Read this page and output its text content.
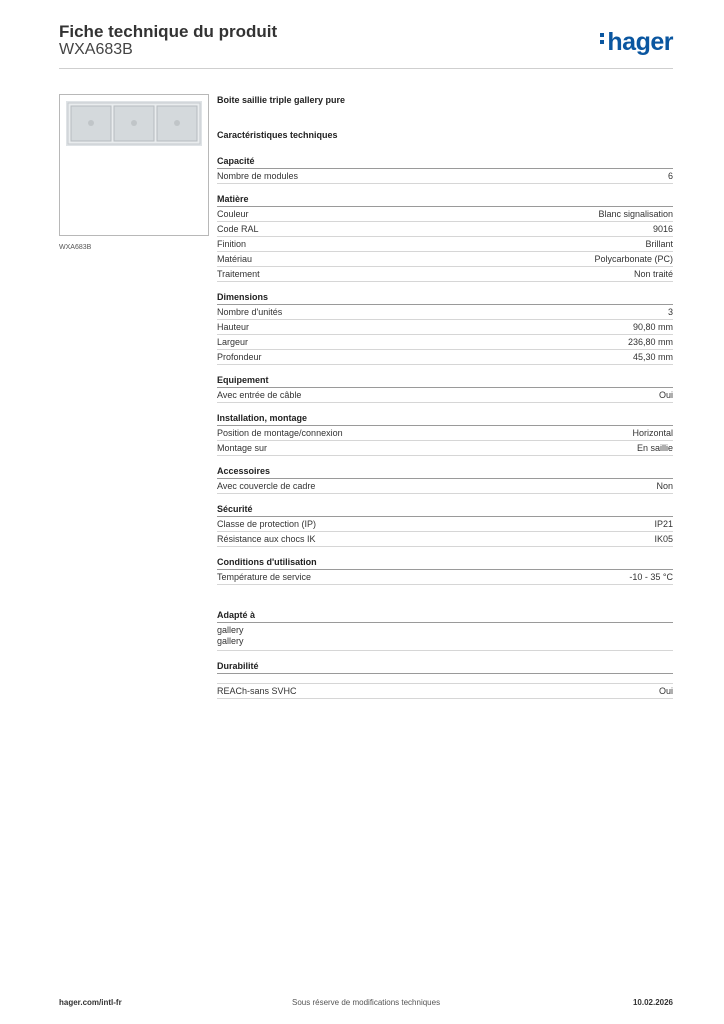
Fiche technique du produit
WXA683B	hager
WXA683B
Boite saillie triple gallery pure
Caractéristiques techniques
Capacité
Nombre de modules	6
Matière
Couleur	Blanc signalisation
Code RAL	9016
Finition	Brillant
Matériau	Polycarbonate (PC)
Traitement	Non traité
Dimensions
Nombre d'unités	3
Hauteur	90,80 mm
Largeur	236,80 mm
Profondeur	45,30 mm
Equipement
Avec entrée de câble	Oui
Installation, montage
Position de montage/connexion	Horizontal
Montage sur	En saillie
Accessoires
Avec couvercle de cadre	Non
Sécurité
Classe de protection (IP)	IP21
Résistance aux chocs IK	IK05
Conditions d'utilisation
Température de service	-10 - 35 °C
Adapté à
gallery
gallery
Durabilité
REACh-sans SVHC	Oui
hager.com/intl-fr	Sous réserve de modifications techniques	10.02.2026
